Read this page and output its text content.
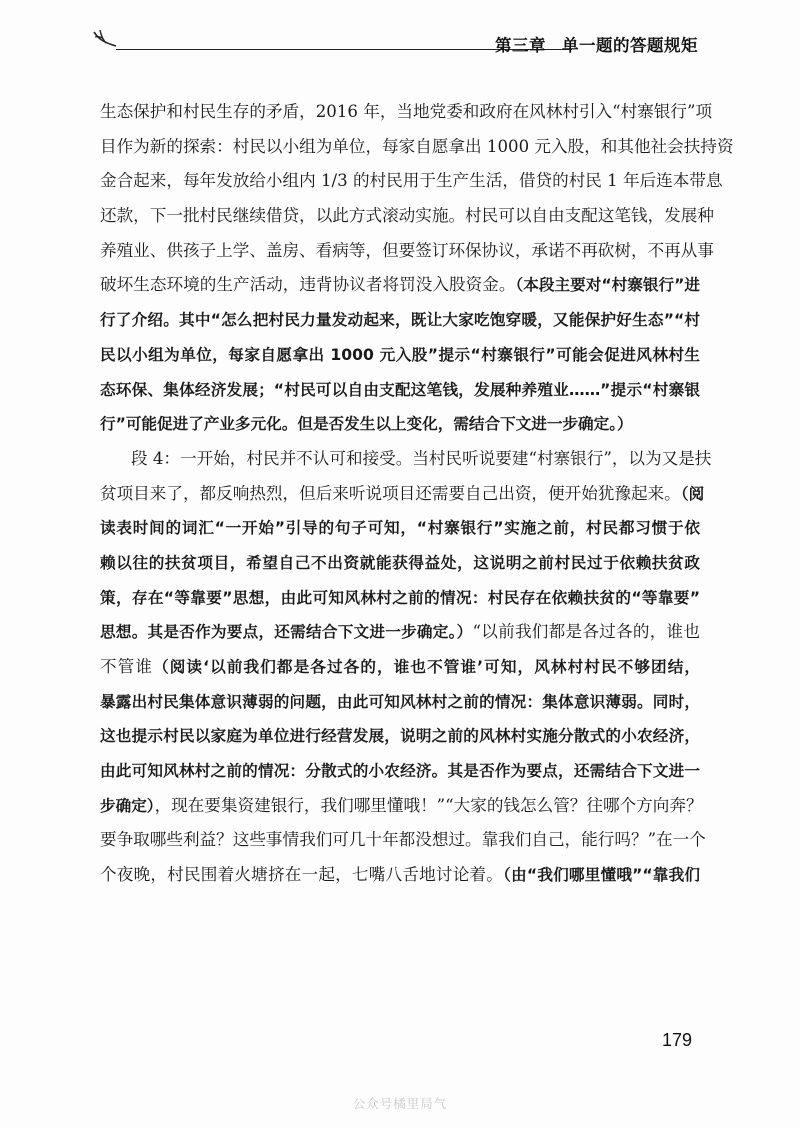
第三章 单一题的答题规矩
生态保护和村民生存的矛盾，2016 年，当地党委和政府在风林村引入“村寨银行”项
目作为新的探索：村民以小组为单位，每家自愿拿出 1000 元入股，和其他社会扶持资
金合起来，每年发放给小组内 1/3 的村民用于生产生活，借贷的村民 1 年后连本带息
还款，下一批村民继续借贷，以此方式滚动实施。村民可以自由支配这笔钱，发展种
养殖业、供孩子上学、盖房、看病等，但要签订环保协议，承诺不再砍树，不再从事
破坏生态环境的生产活动，违背协议者将罚没入股资金。（本段主要对“村寨银行”进
行了介绍。其中“怎么把村民力量发动起来，既让大家吃饱穿暖，又能保护好生态”“村
民以小组为单位，每家自愿拿出 1000 元入股”提示“村寨银行”可能会促进风林村生
态环保、集体经济发展；“村民可以自由支配这笔钱，发展种养殖业……”提示“村寨银
行”可能促进了产业多元化。但是否发生以上变化，需结合下文进一步确定。）
段 4：一开始，村民并不认可和接受。当村民听说要建“村寨银行”，以为又是扶
贫项目来了，都反响热烈，但后来听说项目还需要自己出资，便开始犹豫起来。（阅
读表时间的词汇“一开始”引导的句子可知，“村寨银行”实施之前，村民都习惯于依
赖以往的扶贫项目，希望自己不出资就能获得益处，这说明之前村民过于依赖扶贫政
策，存在“等靠要”思想，由此可知风林村之前的情况：村民存在依赖扶贫的“等靠要”
思想。其是否作为要点，还需结合下文进一步确定。）“以前我们都是各过各的，谁也
不管谁（阅读‘以前我们都是各过各的，谁也不管谁’可知，风林村村民不够团结，
暴露出村民集体意识薄弱的问题，由此可知风林村之前的情况：集体意识薄弱。同时，
这也提示村民以家庭为单位进行经营发展，说明之前的风林村实施分散式的小农经济，
由此可知风林村之前的情况：分散式的小农经济。其是否作为要点，还需结合下文进一
步确定），现在要集资建银行，我们哪里懂哦！”“大家的钱怎么管？往哪个方向奔？
要争取哪些利益？这些事情我们可几十年都没想过。靠我们自己，能行吗？”在一个
个夜晚，村民围着火塘挤在一起，七嘴八舌地讨论着。（由“我们哪里懂哦”“靠我们
179
公众号橘里局气
